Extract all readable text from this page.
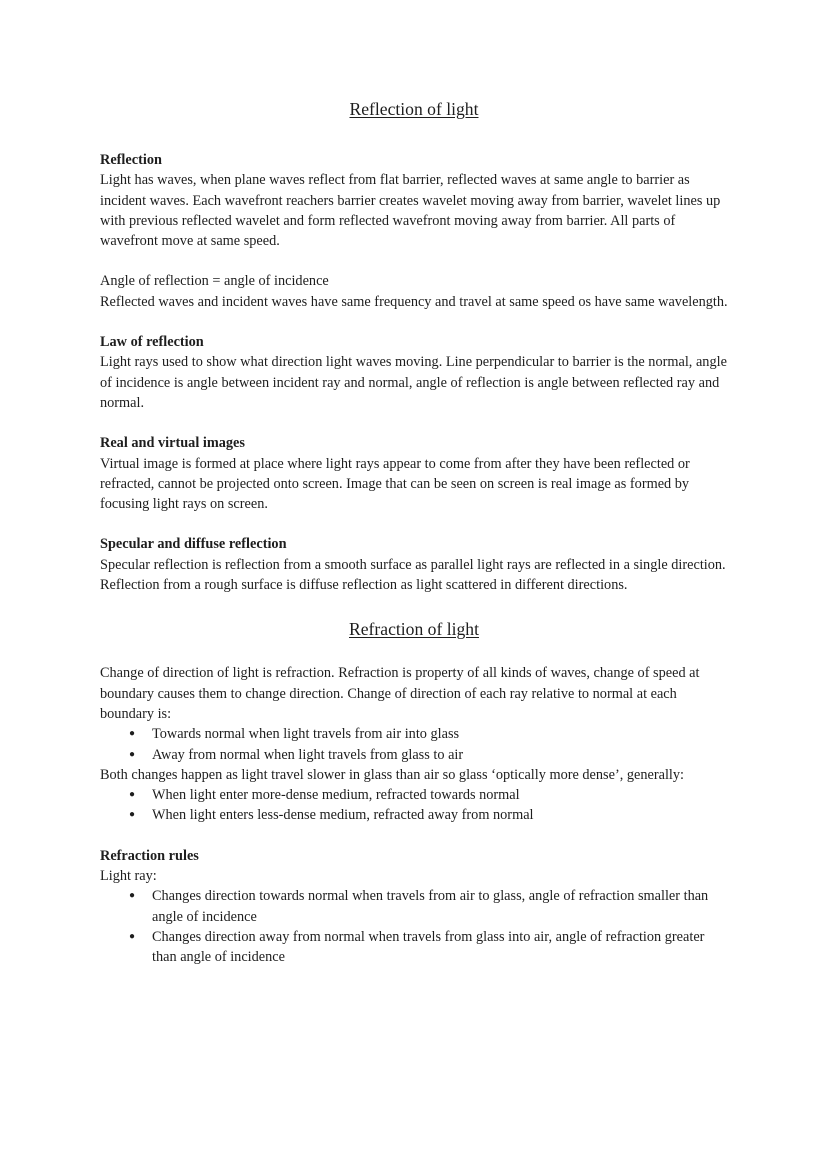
Reflection of light
Reflection

Light has waves, when plane waves reflect from flat barrier, reflected waves at same angle to barrier as incident waves. Each wavefront reachers barrier creates wavelet moving away from barrier, wavelet lines up with previous reflected wavelet and form reflected wavefront moving away from barrier. All parts of wavefront move at same speed.

Angle of reflection = angle of incidence

Reflected waves and incident waves have same frequency and travel at same speed os have same wavelength.

Law of reflection

Light rays used to show what direction light waves moving. Line perpendicular to barrier is the normal, angle of incidence is angle between incident ray and normal, angle of reflection is angle between reflected ray and normal.

Real and virtual images

Virtual image is formed at place where light rays appear to come from after they have been reflected or refracted, cannot be projected onto screen. Image that can be seen on screen is real image as formed by focusing light rays on screen.

Specular and diffuse reflection

Specular reflection is reflection from a smooth surface as parallel light rays are reflected in a single direction. Reflection from a rough surface is diffuse reflection as light scattered in different directions.

Refraction of light

Change of direction of light is refraction. Refraction is property of all kinds of waves, change of speed at boundary causes them to change direction. Change of direction of each ray relative to normal at each boundary is:

● Towards normal when light travels from air into glass
● Away from normal when light travels from glass to air

Both changes happen as light travel slower in glass than air so glass ‘optically more dense’, generally:

● When light enter more-dense medium, refracted towards normal
● When light enters less-dense medium, refracted away from normal
Refraction rules

Light ray:

● Changes direction towards normal when travels from air to glass, angle of refraction smaller than angle of incidence
● Changes direction away from normal when travels from glass into air, angle of refraction greater than angle of incidence
